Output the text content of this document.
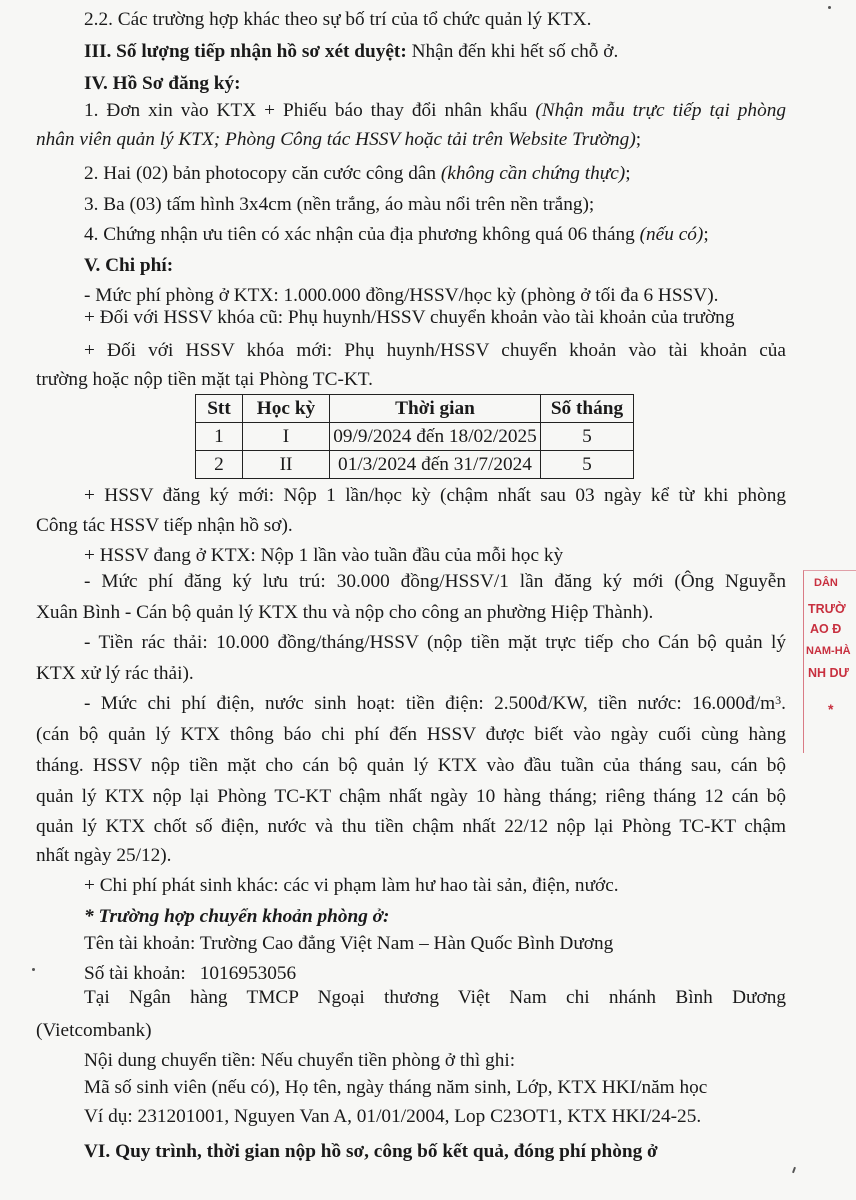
2.2. Các trường hợp khác theo sự bố trí của tổ chức quản lý KTX.
III. Số lượng tiếp nhận hồ sơ xét duyệt: Nhận đến khi hết số chỗ ở.
IV. Hồ Sơ đăng ký:
1. Đơn xin vào KTX + Phiếu báo thay đổi nhân khẩu (Nhận mẫu trực tiếp tại phòng
nhân viên quản lý KTX; Phòng Công tác HSSV hoặc tải trên Website Trường);
2. Hai (02) bản photocopy căn cước công dân (không cần chứng thực);
3. Ba (03) tấm hình 3x4cm (nền trắng, áo màu nổi trên nền trắng);
4. Chứng nhận ưu tiên có xác nhận của địa phương không quá 06 tháng (nếu có);
V. Chi phí:
- Mức phí phòng ở KTX: 1.000.000 đồng/HSSV/học kỳ (phòng ở tối đa 6 HSSV).
+ Đối với HSSV khóa cũ: Phụ huynh/HSSV chuyển khoản vào tài khoản của trường
+ Đối với HSSV khóa mới: Phụ huynh/HSSV chuyển khoản vào tài khoản của
trường hoặc nộp tiền mặt tại Phòng TC-KT.
Stt	Học kỳ	Thời gian	Số tháng
1	I	09/9/2024 đến 18/02/2025	5
2	II	01/3/2024 đến 31/7/2024	5
+ HSSV đăng ký mới: Nộp 1 lần/học kỳ (chậm nhất sau 03 ngày kể từ khi phòng
Công tác HSSV tiếp nhận hồ sơ).
+ HSSV đang ở KTX: Nộp 1 lần vào tuần đầu của mỗi học kỳ
- Mức phí đăng ký lưu trú: 30.000 đồng/HSSV/1 lần đăng ký mới (Ông Nguyễn
Xuân Bình - Cán bộ quản lý KTX thu và nộp cho công an phường Hiệp Thành).
- Tiền rác thải: 10.000 đồng/tháng/HSSV (nộp tiền mặt trực tiếp cho Cán bộ quản lý
KTX xử lý rác thải).
- Mức chi phí điện, nước sinh hoạt: tiền điện: 2.500đ/KW, tiền nước: $16.000đ/m^3$.
(cán bộ quản lý KTX thông báo chi phí đến HSSV được biết vào ngày cuối cùng hàng
tháng. HSSV nộp tiền mặt cho cán bộ quản lý KTX vào đầu tuần của tháng sau, cán bộ
quản lý KTX nộp lại Phòng TC-KT chậm nhất ngày 10 hàng tháng; riêng tháng 12 cán bộ
quản lý KTX chốt số điện, nước và thu tiền chậm nhất 22/12 nộp lại Phòng TC-KT chậm
nhất ngày 25/12).
+ Chi phí phát sinh khác: các vi phạm làm hư hao tài sản, điện, nước.
* Trường hợp chuyển khoản phòng ở:
Tên tài khoản: Trường Cao đẳng Việt Nam – Hàn Quốc Bình Dương
Số tài khoản: 1016953056
Tại Ngân hàng TMCP Ngoại thương Việt Nam chi nhánh Bình Dương
(Vietcombank)
Nội dung chuyển tiền: Nếu chuyển tiền phòng ở thì ghi:
Mã số sinh viên (nếu có), Họ tên, ngày tháng năm sinh, Lớp, KTX HKI/năm học
Ví dụ: 231201001, Nguyen Van A, 01/01/2004, Lop C23OT1, KTX HKI/24-25.
VI. Quy trình, thời gian nộp hồ sơ, công bố kết quả, đóng phí phòng ở
DÂN
TRƯỜ
AO Đ
NAM-HÀ
NH DƯ
*
